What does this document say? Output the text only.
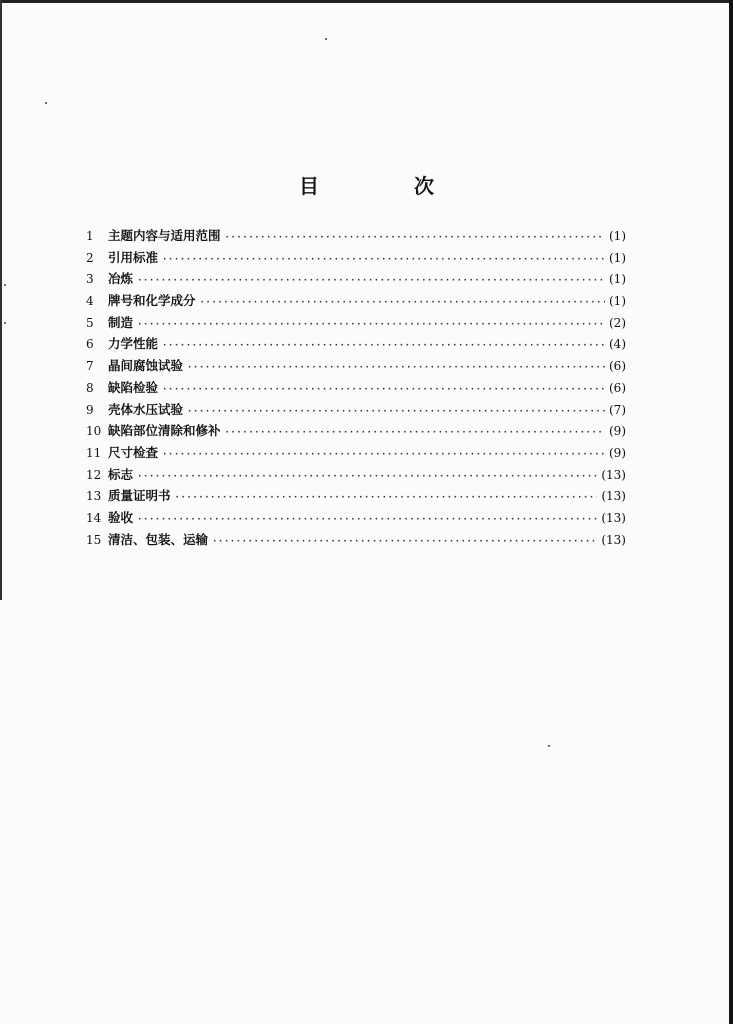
目 次
1	主题内容与适用范围 ·····	(1)
2	引用标准 ·····	(1)
3	冶炼 ·····	(1)
4	牌号和化学成分 ·····	(1)
5	制造 ·····	(2)
6	力学性能 ·····	(4)
7	晶间腐蚀试验 ·····	(6)
8	缺陷检验 ·····	(6)
9	壳体水压试验 ·····	(7)
10 缺陷部位清除和修补 ·····	(9)
11 尺寸检查 ·····	(9)
12 标志 ·····	(13)
13 质量证明书 ·····	(13)
14 验收 ·····	(13)
15 清洁、包装、运输 ·····	(13)
